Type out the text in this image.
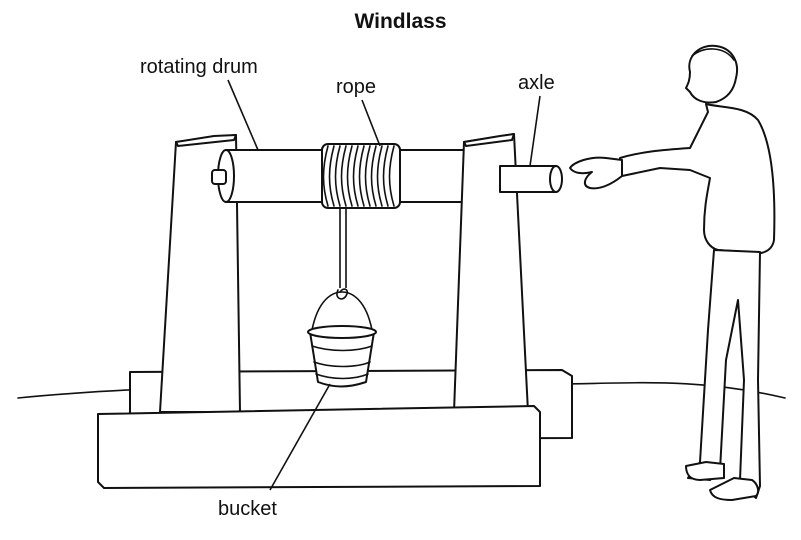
Windlass
rotating drum
rope	axle
bucket
